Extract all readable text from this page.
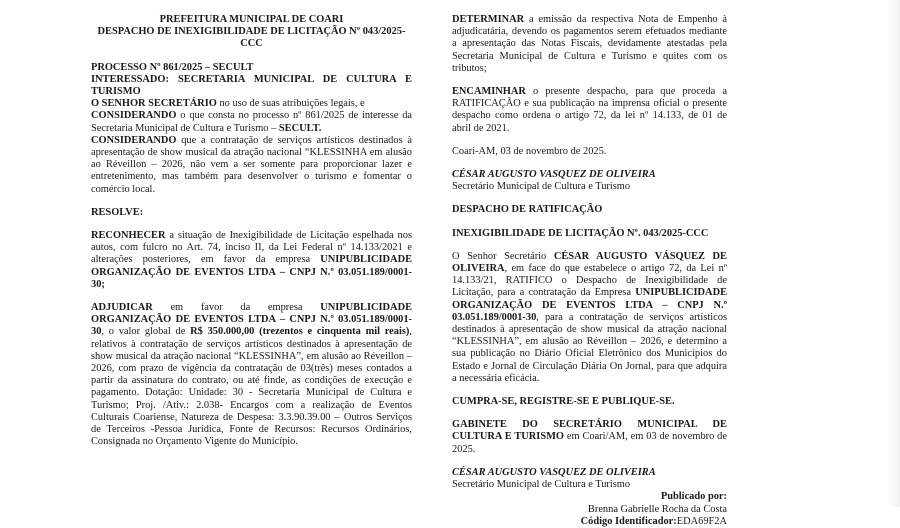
PREFEITURA MUNICIPAL DE COARI

DESPACHO DE INEXIGIBILIDADE DE LICITAÇÃO Nº 043/2025-CCC

PROCESSO Nº 861/2025 – SECULT

INTERESSADO: SECRETARIA MUNICIPAL DE CULTURA E TURISMO

O SENHOR SECRETÁRIO no uso de suas atribuições legais, e

CONSIDERANDO o que consta no processo nº 861/2025 de interesse da Secretaria Municipal de Cultura e Turismo – SECULT.

CONSIDERANDO que a contratação de serviços artísticos destinados à apresentação de show musical da atração nacional “KLESSINHA em alusão ao Réveillon – 2026, não vem a ser somente para proporcionar lazer e entretenimento, mas também para desenvolver o turismo e fomentar o comércio local.

RESOLVE:

RECONHECER a situação de Inexigibilidade de Licitação espelhada nos autos, com fulcro no Art. 74, inciso II, da Lei Federal nº 14.133/2021 e alterações posteriores, em favor da empresa UNIPUBLICIDADE ORGANIZAÇÃO DE EVENTOS LTDA – CNPJ N.º 03.051.189/0001-30;

ADJUDICAR em favor da empresa UNIPUBLICIDADE ORGANIZAÇÃO DE EVENTOS LTDA – CNPJ N.º 03.051.189/0001-30, o valor global de R$ 350.000,00 (trezentos e cinquenta mil reais), relativos à contratação de serviços artísticos destinados à apresentação de show musical da atração nacional “KLESSINHA”, em alusão ao Réveillon – 2026, com prazo de vigência da contratação de 03(três) meses contados a partir da assinatura do contrato, ou até finde, as condições de execução e pagamento. Dotação: Unidade: 30 - Secretaria Municipal de Cultura e Turismo; Proj. /Ativ.: 2.038- Encargos com a realização de Eventos Culturais Coariense, Natureza de Despesa: 3.3.90.39.00 – Outros Serviços de Terceiros -Pessoa Jurídica, Fonte de Recursos: Recursos Ordinários, Consignada no Orçamento Vigente do Município.

DETERMINAR a emissão da respectiva Nota de Empenho à adjudicatária, devendo os pagamentos serem efetuados mediante a apresentação das Notas Fiscais, devidamente atestadas pela Secretaria Municipal de Cultura e Turismo e quites com os tributos;

ENCAMINHAR o presente despacho, para que proceda a RATIFICAÇÃO e sua publicação na imprensa oficial o presente despacho como ordena o artigo 72, da lei nº 14.133, de 01 de abril de 2021.

Coari-AM, 03 de novembro de 2025.

CÉSAR AUGUSTO VASQUEZ DE OLIVEIRA

Secretário Municipal de Cultura e Turismo

DESPACHO DE RATIFICAÇÃO

INEXIGIBILIDADE DE LICITAÇÃO Nº. 043/2025-CCC

O Senhor Secretário CÉSAR AUGUSTO VÁSQUEZ DE OLIVEIRA, em face do que estabelece o artigo 72, da Lei nº 14.133/21, RATIFICO o Despacho de Inexigibilidade de Licitação, para a contratação da Empresa UNIPUBLICIDADE ORGANIZAÇÃO DE EVENTOS LTDA – CNPJ N.º 03.051.189/0001-30, para a contratação de serviços artísticos destinados à apresentação de show musical da atração nacional “KLESSINHA”, em alusão ao Réveillon – 2026, e determino a sua publicação no Diário Oficial Eletrônico dos Municípios do Estado e Jornal de Circulação Diária On Jornal, para que adquira a necessária eficácia.

CUMPRA-SE, REGISTRE-SE E PUBLIQUE-SE.

GABINETE DO SECRETÁRIO MUNICIPAL DE CULTURA E TURISMO em Coari/AM, em 03 de novembro de 2025.

CÉSAR AUGUSTO VASQUEZ DE OLIVEIRA

Secretário Municipal de Cultura e Turismo

Publicado por:

Brenna Gabrielle Rocha da Costa

Código Identificador:EDA69F2A
